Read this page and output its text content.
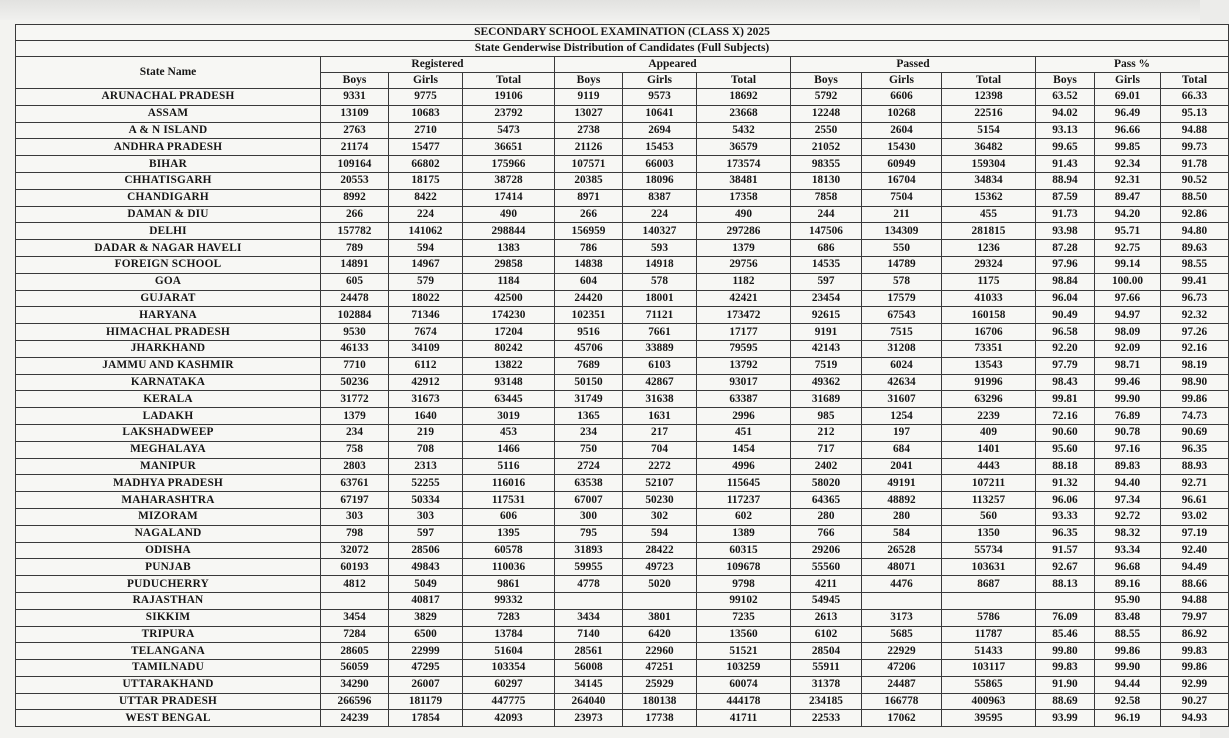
SECONDARY SCHOOL EXAMINATION (CLASS X) 2025												
State Genderwise Distribution of Candidates (Full Subjects)												
State Name	Registered			Appeared			Passed			Pass %		
	Boys	Girls	Total	Boys	Girls	Total	Boys	Girls	Total	Boys	Girls	Total
ARUNACHAL PRADESH	9331	9775	19106	9119	9573	18692	5792	6606	12398	63.52	69.01	66.33
ASSAM	13109	10683	23792	13027	10641	23668	12248	10268	22516	94.02	96.49	95.13
A & N ISLAND	2763	2710	5473	2738	2694	5432	2550	2604	5154	93.13	96.66	94.88
ANDHRA PRADESH	21174	15477	36651	21126	15453	36579	21052	15430	36482	99.65	99.85	99.73
BIHAR	109164	66802	175966	107571	66003	173574	98355	60949	159304	91.43	92.34	91.78
CHHATISGARH	20553	18175	38728	20385	18096	38481	18130	16704	34834	88.94	92.31	90.52
CHANDIGARH	8992	8422	17414	8971	8387	17358	7858	7504	15362	87.59	89.47	88.50
DAMAN & DIU	266	224	490	266	224	490	244	211	455	91.73	94.20	92.86
DELHI	157782	141062	298844	156959	140327	297286	147506	134309	281815	93.98	95.71	94.80
DADAR & NAGAR HAVELI	789	594	1383	786	593	1379	686	550	1236	87.28	92.75	89.63
FOREIGN SCHOOL	14891	14967	29858	14838	14918	29756	14535	14789	29324	97.96	99.14	98.55
GOA	605	579	1184	604	578	1182	597	578	1175	98.84	100.00	99.41
GUJARAT	24478	18022	42500	24420	18001	42421	23454	17579	41033	96.04	97.66	96.73
HARYANA	102884	71346	174230	102351	71121	173472	92615	67543	160158	90.49	94.97	92.32
HIMACHAL PRADESH	9530	7674	17204	9516	7661	17177	9191	7515	16706	96.58	98.09	97.26
JHARKHAND	46133	34109	80242	45706	33889	79595	42143	31208	73351	92.20	92.09	92.16
JAMMU AND KASHMIR	7710	6112	13822	7689	6103	13792	7519	6024	13543	97.79	98.71	98.19
KARNATAKA	50236	42912	93148	50150	42867	93017	49362	42634	91996	98.43	99.46	98.90
KERALA	31772	31673	63445	31749	31638	63387	31689	31607	63296	99.81	99.90	99.86
LADAKH	1379	1640	3019	1365	1631	2996	985	1254	2239	72.16	76.89	74.73
LAKSHADWEEP	234	219	453	234	217	451	212	197	409	90.60	90.78	90.69
MEGHALAYA	758	708	1466	750	704	1454	717	684	1401	95.60	97.16	96.35
MANIPUR	2803	2313	5116	2724	2272	4996	2402	2041	4443	88.18	89.83	88.93
MADHYA PRADESH	63761	52255	116016	63538	52107	115645	58020	49191	107211	91.32	94.40	92.71
MAHARASHTRA	67197	50334	117531	67007	50230	117237	64365	48892	113257	96.06	97.34	96.61
MIZORAM	303	303	606	300	302	602	280	280	560	93.33	92.72	93.02
NAGALAND	798	597	1395	795	594	1389	766	584	1350	96.35	98.32	97.19
ODISHA	32072	28506	60578	31893	28422	60315	29206	26528	55734	91.57	93.34	92.40
PUNJAB	60193	49843	110036	59955	49723	109678	55560	48071	103631	92.67	96.68	94.49
PUDUCHERRY	4812	5049	9861	4778	5020	9798	4211	4476	8687	88.13	89.16	88.66
RAJASTHAN		40817	99332			99102	54945				95.90	94.88
SIKKIM	3454	3829	7283	3434	3801	7235	2613	3173	5786	76.09	83.48	79.97
TRIPURA	7284	6500	13784	7140	6420	13560	6102	5685	11787	85.46	88.55	86.92
TELANGANA	28605	22999	51604	28561	22960	51521	28504	22929	51433	99.80	99.86	99.83
TAMILNADU	56059	47295	103354	56008	47251	103259	55911	47206	103117	99.83	99.90	99.86
UTTARAKHAND	34290	26007	60297	34145	25929	60074	31378	24487	55865	91.90	94.44	92.99
UTTAR PRADESH	266596	181179	447775	264040	180138	444178	234185	166778	400963	88.69	92.58	90.27
WEST BENGAL	24239	17854	42093	23973	17738	41711	22533	17062	39595	93.99	96.19	94.93
